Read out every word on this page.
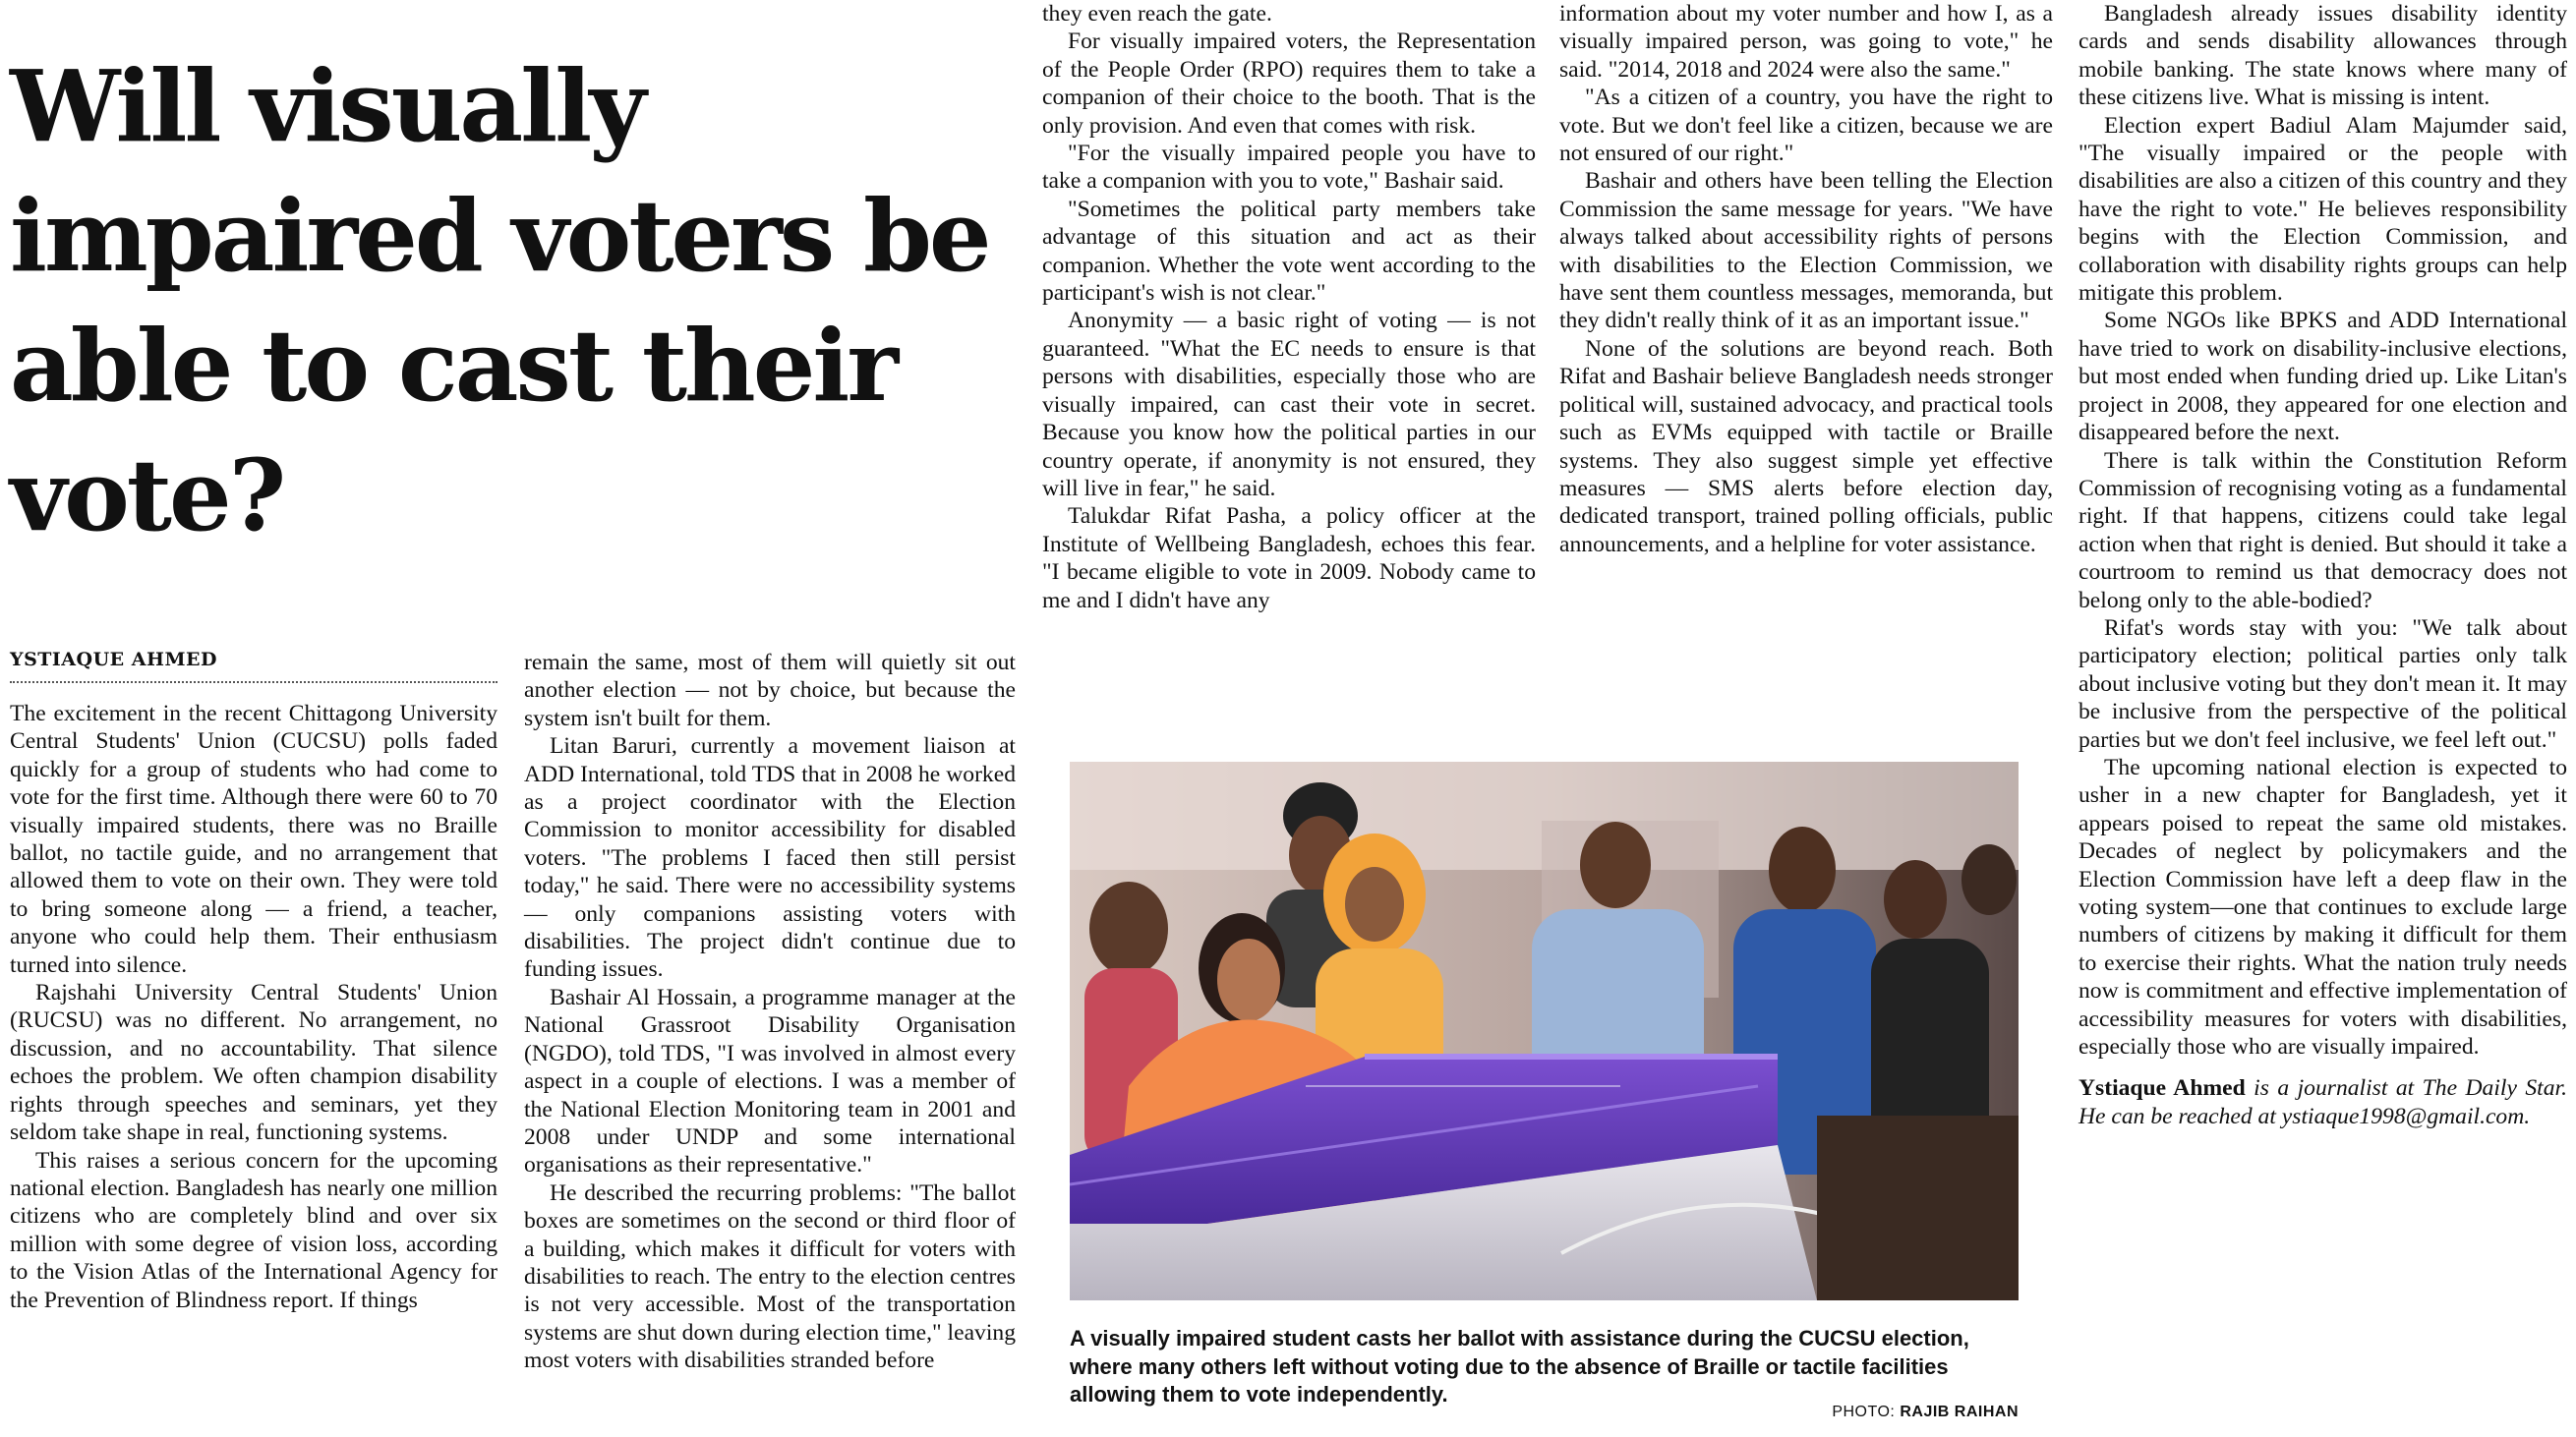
Will visually impaired voters be able to cast their vote?
YSTIAQUE AHMED

The excitement in the recent Chittagong University Central Students' Union (CUCSU) polls faded quickly for a group of students who had come to vote for the first time. Although there were 60 to 70 visually impaired students, there was no Braille ballot, no tactile guide, and no arrangement that allowed them to vote on their own. They were told to bring someone along — a friend, a teacher, anyone who could help them. Their enthusiasm turned into silence.

Rajshahi University Central Students' Union (RUCSU) was no different. No arrangement, no discussion, and no accountability. That silence echoes the problem. We often champion disability rights through speeches and seminars, yet they seldom take shape in real, functioning systems.

This raises a serious concern for the upcoming national election. Bangladesh has nearly one million citizens who are completely blind and over six million with some degree of vision loss, according to the Vision Atlas of the International Agency for the Prevention of Blindness report. If things

remain the same, most of them will quietly sit out another election — not by choice, but because the system isn't built for them.

Litan Baruri, currently a movement liaison at ADD International, told TDS that in 2008 he worked as a project coordinator with the Election Commission to monitor accessibility for disabled voters. "The problems I faced then still persist today," he said. There were no accessibility systems — only companions assisting voters with disabilities. The project didn't continue due to funding issues.

Bashair Al Hossain, a programme manager at the National Grassroot Disability Organisation (NGDO), told TDS, "I was involved in almost every aspect in a couple of elections. I was a member of the National Election Monitoring team in 2001 and 2008 under UNDP and some international organisations as their representative."

He described the recurring problems: "The ballot boxes are sometimes on the second or third floor of a building, which makes it difficult for voters with disabilities to reach. The entry to the election centres is not very accessible. Most of the transportation systems are shut down during election time," leaving most voters with disabilities stranded before

they even reach the gate.

For visually impaired voters, the Representation of the People Order (RPO) requires them to take a companion of their choice to the booth. That is the only provision. And even that comes with risk.

"For the visually impaired people you have to take a companion with you to vote," Bashair said.

"Sometimes the political party members take advantage of this situation and act as their companion. Whether the vote went according to the participant's wish is not clear."

Anonymity — a basic right of voting — is not guaranteed. "What the EC needs to ensure is that persons with disabilities, especially those who are visually impaired, can cast their vote in secret. Because you know how the political parties in our country operate, if anonymity is not ensured, they will live in fear," he said.

Talukdar Rifat Pasha, a policy officer at the Institute of Wellbeing Bangladesh, echoes this fear. "I became eligible to vote in 2009. Nobody came to me and I didn't have any

information about my voter number and how I, as a visually impaired person, was going to vote," he said. "2014, 2018 and 2024 were also the same."

"As a citizen of a country, you have the right to vote. But we don't feel like a citizen, because we are not ensured of our right."

Bashair and others have been telling the Election Commission the same message for years. "We have always talked about accessibility rights of persons with disabilities to the Election Commission, we have sent them countless messages, memoranda, but they didn't really think of it as an important issue."

None of the solutions are beyond reach. Both Rifat and Bashair believe Bangladesh needs stronger political will, sustained advocacy, and practical tools such as EVMs equipped with tactile or Braille systems. They also suggest simple yet effective measures — SMS alerts before election day, dedicated transport, trained polling officials, public announcements, and a helpline for voter assistance.

A visually impaired student casts her ballot with assistance during the CUCSU election, where many others left without voting due to the absence of Braille or tactile facilities allowing them to vote independently.
PHOTO: RAJIB RAIHAN

Bangladesh already issues disability identity cards and sends disability allowances through mobile banking. The state knows where many of these citizens live. What is missing is intent.

Election expert Badiul Alam Majumder said, "The visually impaired or the people with disabilities are also a citizen of this country and they have the right to vote." He believes responsibility begins with the Election Commission, and collaboration with disability rights groups can help mitigate this problem.

Some NGOs like BPKS and ADD International have tried to work on disability-inclusive elections, but most ended when funding dried up. Like Litan's project in 2008, they appeared for one election and disappeared before the next.

There is talk within the Constitution Reform Commission of recognising voting as a fundamental right. If that happens, citizens could take legal action when that right is denied. But should it take a courtroom to remind us that democracy does not belong only to the able-bodied?

Rifat's words stay with you: "We talk about participatory election; political parties only talk about inclusive voting but they don't mean it. It may be inclusive from the perspective of the political parties but we don't feel inclusive, we feel left out."

The upcoming national election is expected to usher in a new chapter for Bangladesh, yet it appears poised to repeat the same old mistakes. Decades of neglect by policymakers and the Election Commission have left a deep flaw in the voting system—one that continues to exclude large numbers of citizens by making it difficult for them to exercise their rights. What the nation truly needs now is commitment and effective implementation of accessibility measures for voters with disabilities, especially those who are visually impaired.

Ystiaque Ahmed is a journalist at The Daily Star. He can be reached at ystiaque1998@gmail.com.
